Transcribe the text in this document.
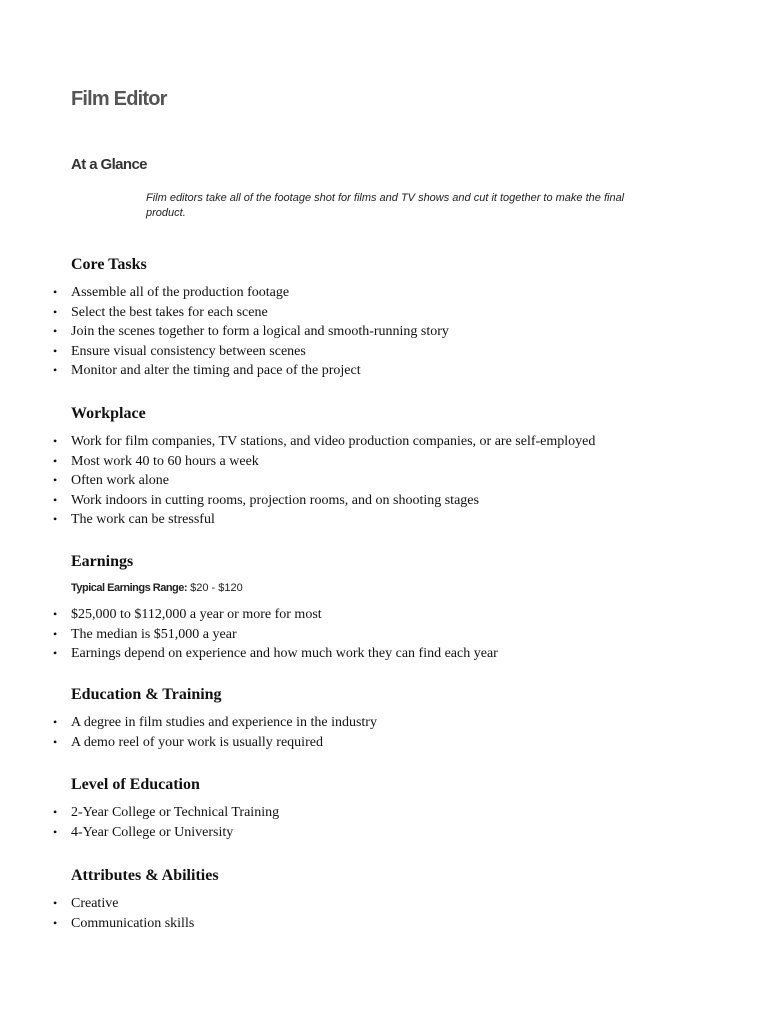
Film Editor
At a Glance

Film editors take all of the footage shot for films and TV shows and cut it together to make the final product.

Core Tasks
• Assemble all of the production footage
• Select the best takes for each scene
• Join the scenes together to form a logical and smooth-running story
• Ensure visual consistency between scenes
• Monitor and alter the timing and pace of the project
Workplace
• Work for film companies, TV stations, and video production companies, or are self-employed
• Most work 40 to 60 hours a week
• Often work alone
• Work indoors in cutting rooms, projection rooms, and on shooting stages
• The work can be stressful
Earnings
Typical Earnings Range: $20 - $120
• $25,000 to $112,000 a year or more for most
• The median is $51,000 a year
• Earnings depend on experience and how much work they can find each year
Education & Training
• A degree in film studies and experience in the industry
• A demo reel of your work is usually required
Level of Education
• 2-Year College or Technical Training
• 4-Year College or University
Attributes & Abilities
• Creative
• Communication skills
